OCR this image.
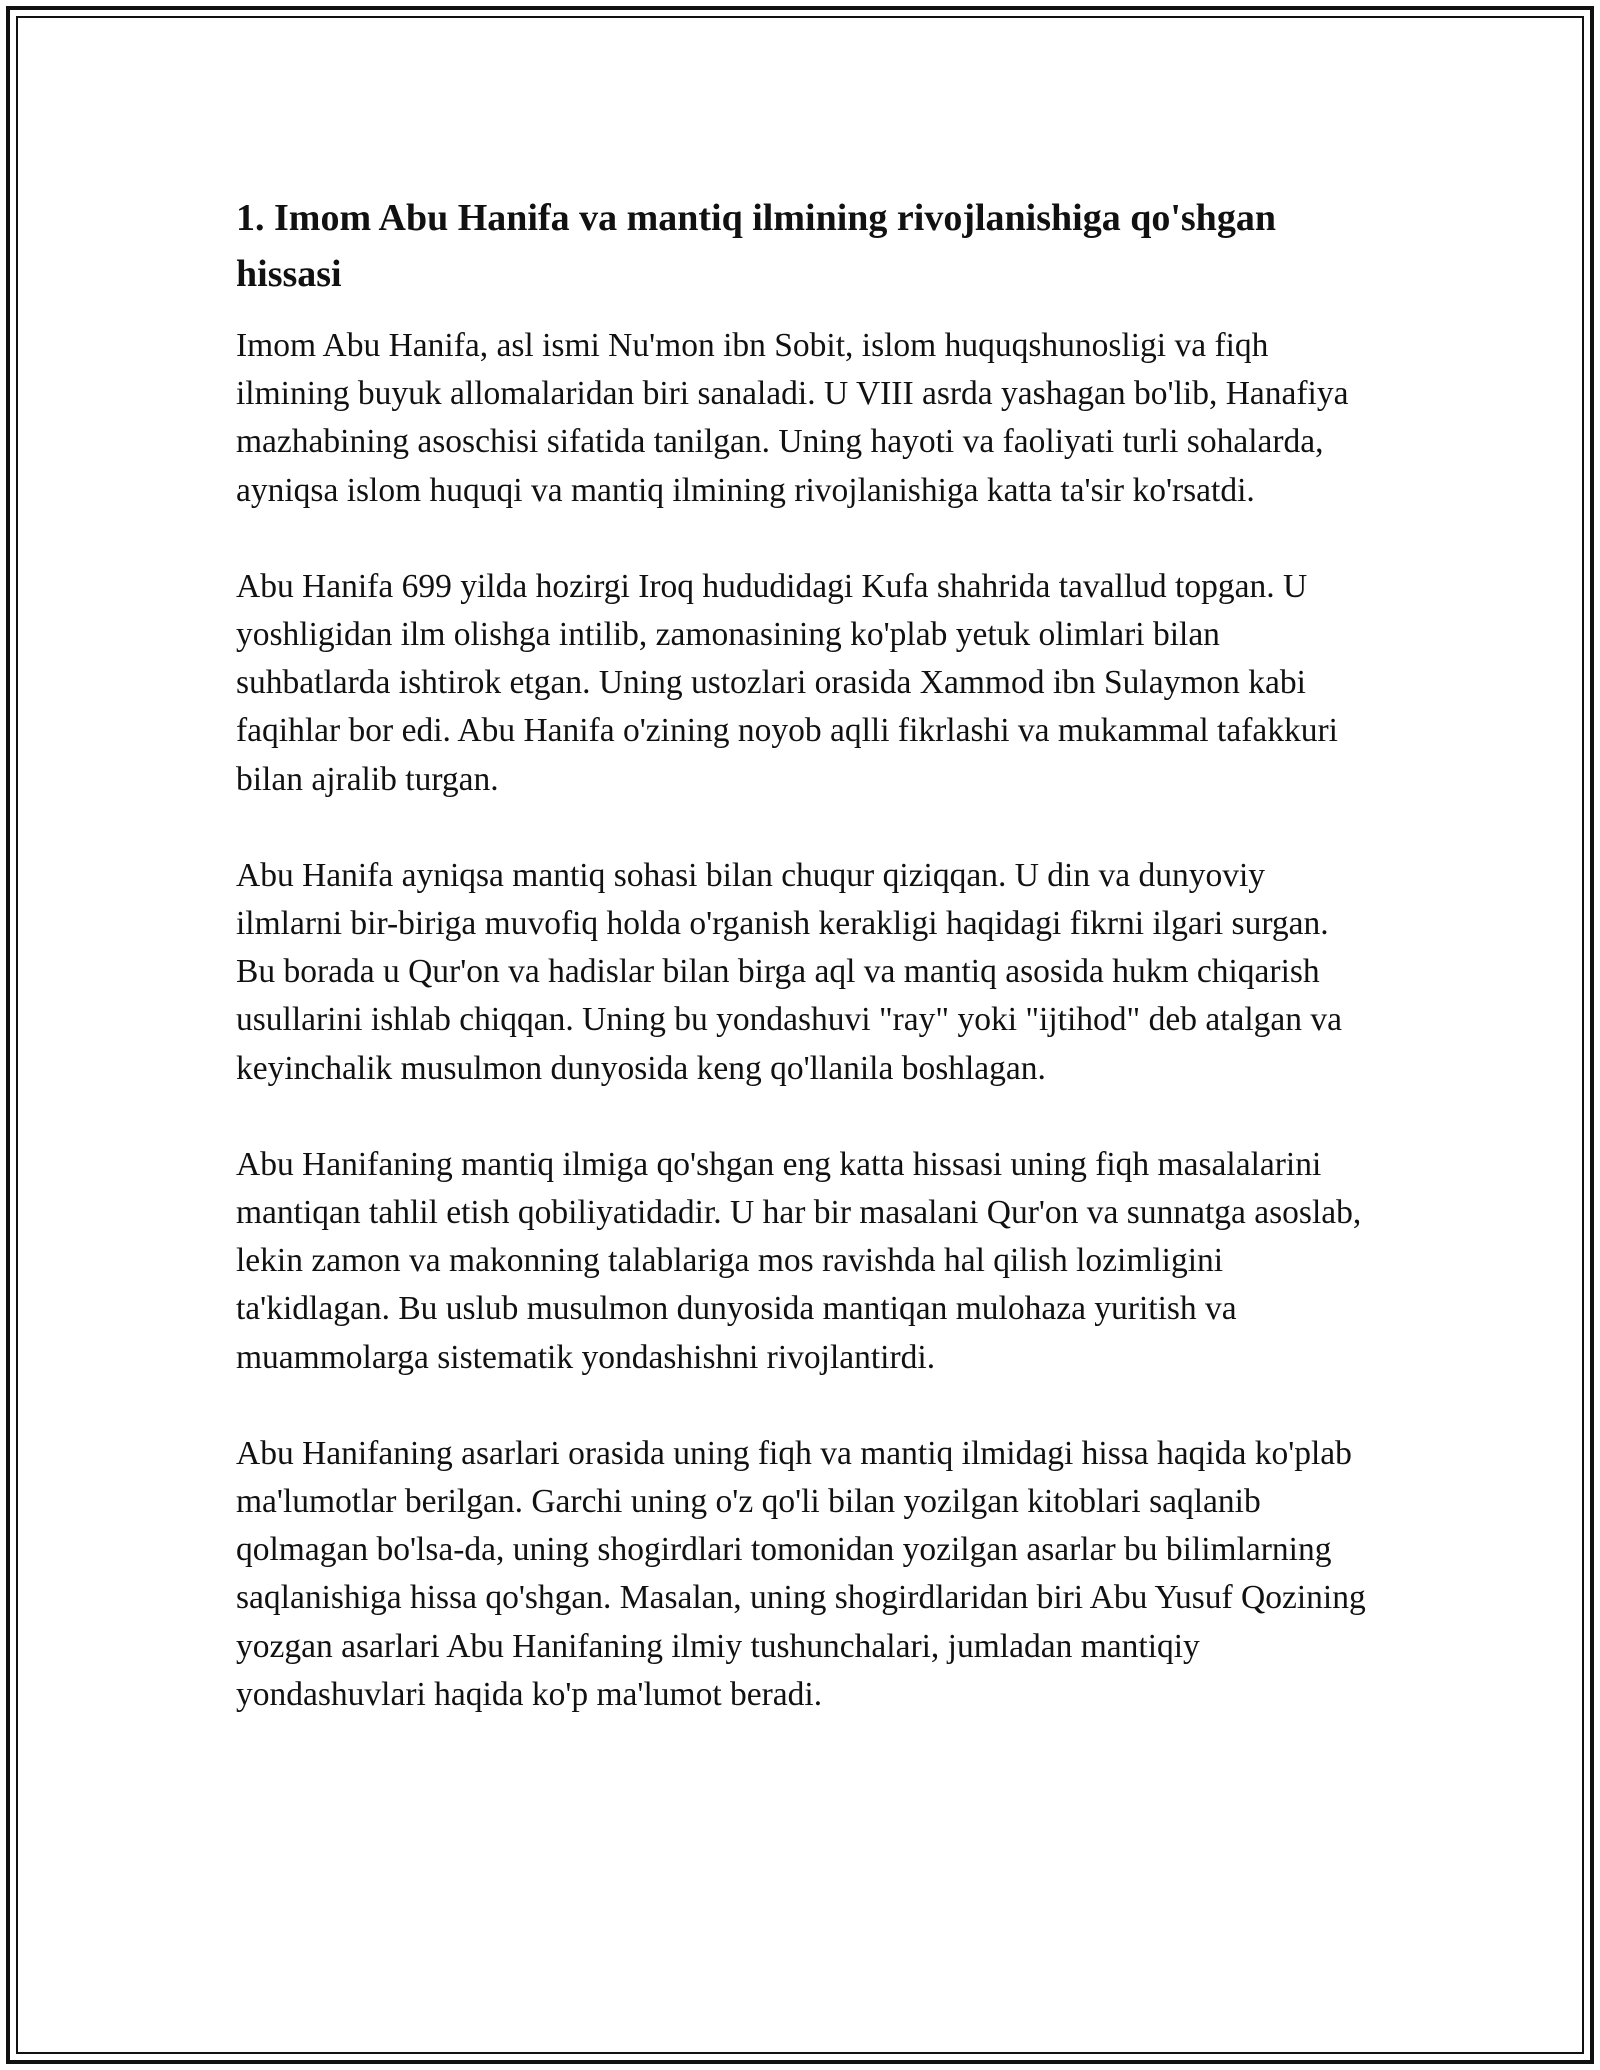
1. Imom Abu Hanifa va mantiq ilmining rivojlanishiga qo'shgan hissasi

Imom Abu Hanifa, asl ismi Nu'mon ibn Sobit, islom huquqshunosligi va fiqh ilmining buyuk allomalaridan biri sanaladi. U VIII asrda yashagan bo'lib, Hanafiya mazhabining asoschisi sifatida tanilgan. Uning hayoti va faoliyati turli sohalarda, ayniqsa islom huquqi va mantiq ilmining rivojlanishiga katta ta'sir ko'rsatdi.

Abu Hanifa 699 yilda hozirgi Iroq hududidagi Kufa shahrida tavallud topgan. U yoshligidan ilm olishga intilib, zamonasining ko'plab yetuk olimlari bilan suhbatlarda ishtirok etgan. Uning ustozlari orasida Xammod ibn Sulaymon kabi faqihlar bor edi. Abu Hanifa o'zining noyob aqlli fikrlashi va mukammal tafakkuri bilan ajralib turgan.

Abu Hanifa ayniqsa mantiq sohasi bilan chuqur qiziqqan. U din va dunyoviy ilmlarni bir-biriga muvofiq holda o'rganish kerakligi haqidagi fikrni ilgari surgan. Bu borada u Qur'on va hadislar bilan birga aql va mantiq asosida hukm chiqarish usullarini ishlab chiqqan. Uning bu yondashuvi "ray" yoki "ijtihod" deb atalgan va keyinchalik musulmon dunyosida keng qo'llanila boshlagan.

Abu Hanifaning mantiq ilmiga qo'shgan eng katta hissasi uning fiqh masalalarini mantiqan tahlil etish qobiliyatidadir. U har bir masalani Qur'on va sunnatga asoslab, lekin zamon va makonning talablariga mos ravishda hal qilish lozimligini ta'kidlagan. Bu uslub musulmon dunyosida mantiqan mulohaza yuritish va muammolarga sistematik yondashishni rivojlantirdi.

Abu Hanifaning asarlari orasida uning fiqh va mantiq ilmidagi hissa haqida ko'plab ma'lumotlar berilgan. Garchi uning o'z qo'li bilan yozilgan kitoblari saqlanib qolmagan bo'lsa-da, uning shogirdlari tomonidan yozilgan asarlar bu bilimlarning saqlanishiga hissa qo'shgan. Masalan, uning shogirdlaridan biri Abu Yusuf Qozining yozgan asarlari Abu Hanifaning ilmiy tushunchalari, jumladan mantiqiy yondashuvlari haqida ko'p ma'lumot beradi.
